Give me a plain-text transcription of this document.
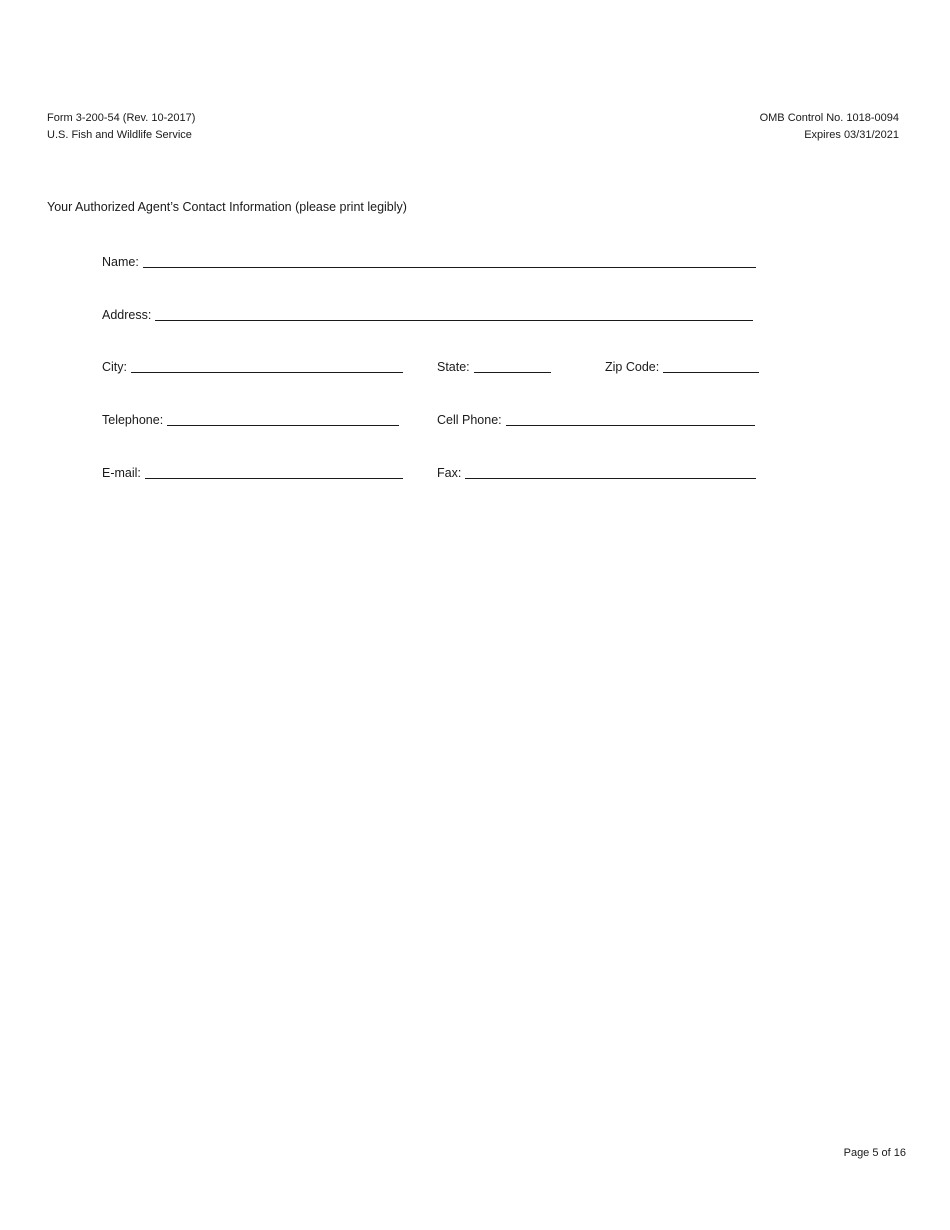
Form 3-200-54 (Rev. 10-2017)
U.S. Fish and Wildlife Service
OMB Control No. 1018-0094
Expires 03/31/2021
Your Authorized Agent’s Contact Information (please print legibly)
Name:
Address:
City:	State:	Zip Code:
Telephone:	Cell Phone:
E-mail:	Fax:
Page 5 of 16
